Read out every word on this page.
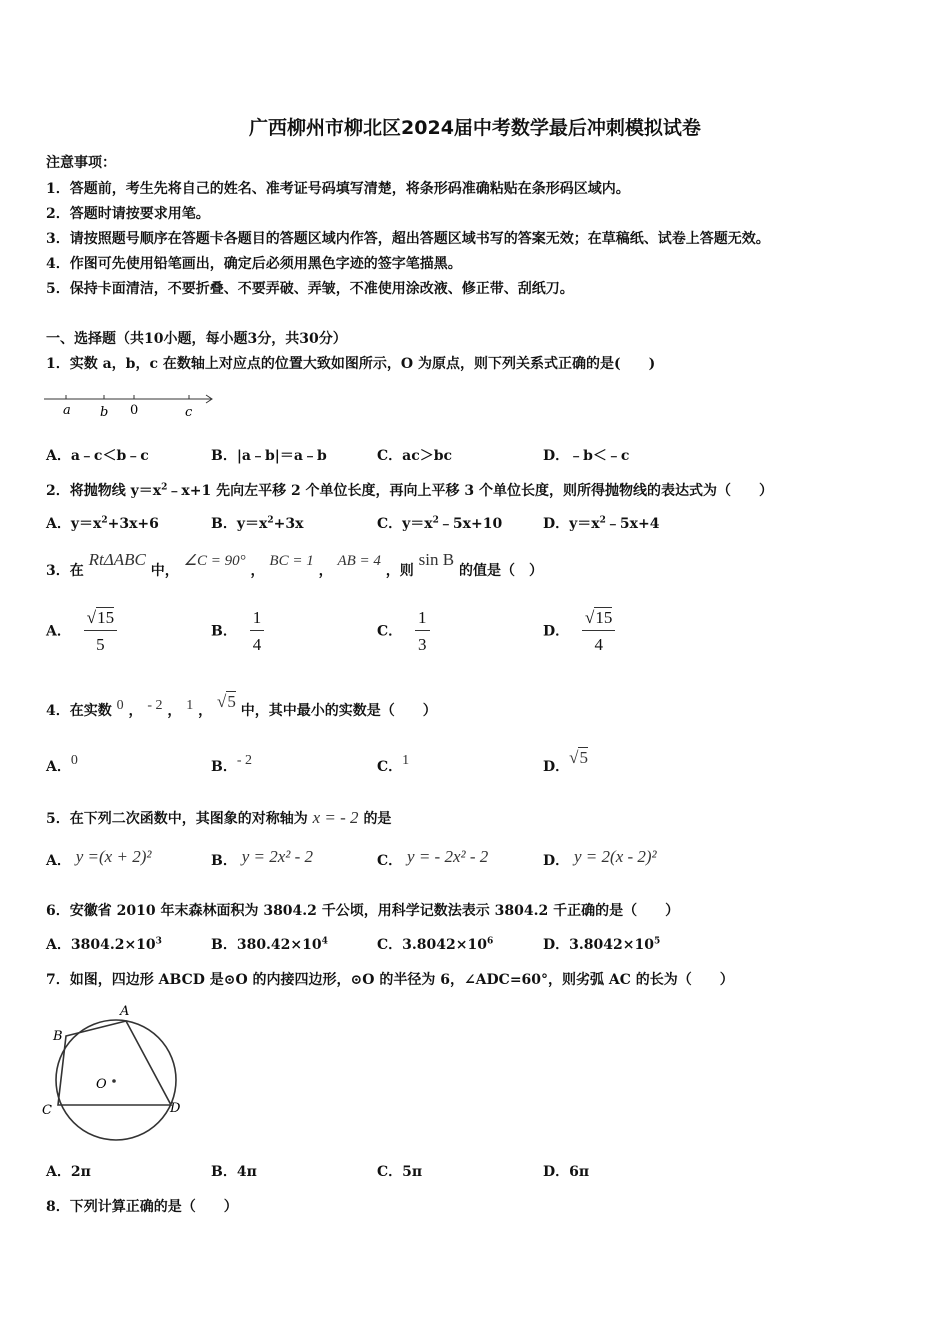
广西柳州市柳北区2024届中考数学最后冲刺模拟试卷
注意事项：
1．答题前，考生先将自己的姓名、准考证号码填写清楚，将条形码准确粘贴在条形码区域内。
2．答题时请按要求用笔。
3．请按照题号顺序在答题卡各题目的答题区域内作答，超出答题区域书写的答案无效；在草稿纸、试卷上答题无效。
4．作图可先使用铅笔画出，确定后必须用黑色字迹的签字笔描黑。
5．保持卡面清洁，不要折叠、不要弄破、弄皱，不准使用涂改液、修正带、刮纸刀。
一、选择题（共10小题，每小题3分，共30分）
1．实数 a，b，c 在数轴上对应点的位置大致如图所示，O 为原点，则下列关系式正确的是(　　)
a b 0	c
A．a﹣c＜b﹣c	B．|a﹣b|＝a﹣b	C．ac＞bc	D．﹣b＜﹣c
2．将抛物线 $y=x^2﹣x+1$ 先向左平移 2 个单位长度，再向上平移 3 个单位长度，则所得抛物线的表达式为（　　）
A．$y=x^2+3x+6$	B．$y=x^2+3x$	C．$y=x^2﹣5x+10$	D．$y=x^2﹣5x+4$
3．在 RtΔABC 中， ∠C = 90° ， BC = 1 ， AB = 4 ，则 sin B 的值是（　）
A． $\frac{√15}{5}$	B． $\frac{1}{4}$	C． $\frac{1}{3}$	D． $\frac{√15}{4}$
4．在实数 0 ， - 2 ， 1 ， √5 中，其中最小的实数是（　　）
A．0	B．- 2	C．1	D．√5
5．在下列二次函数中，其图象的对称轴为 x = - 2 的是
A． y =(x + 2)²	B． y = 2x² - 2	C． y = - 2x² - 2	D． y = 2(x - 2)²
6．安徽省 2010 年末森林面积为 3804.2 千公顷，用科学记数法表示 3804.2 千正确的是（　　）
A．$3804.2\times 10^3$	B．$380.42\times 10^4$	C．$3.8042\times 10^6$	D．$3.8042\times 10^5$
7．如图，四边形 ABCD 是⊙O 的内接四边形，⊙O 的半径为 6，∠ADC=60°，则劣弧 AC 的长为（　　）
A
B
C	D
O
A．2π	B．4π	C．5π	D．6π
8．下列计算正确的是（　　）
